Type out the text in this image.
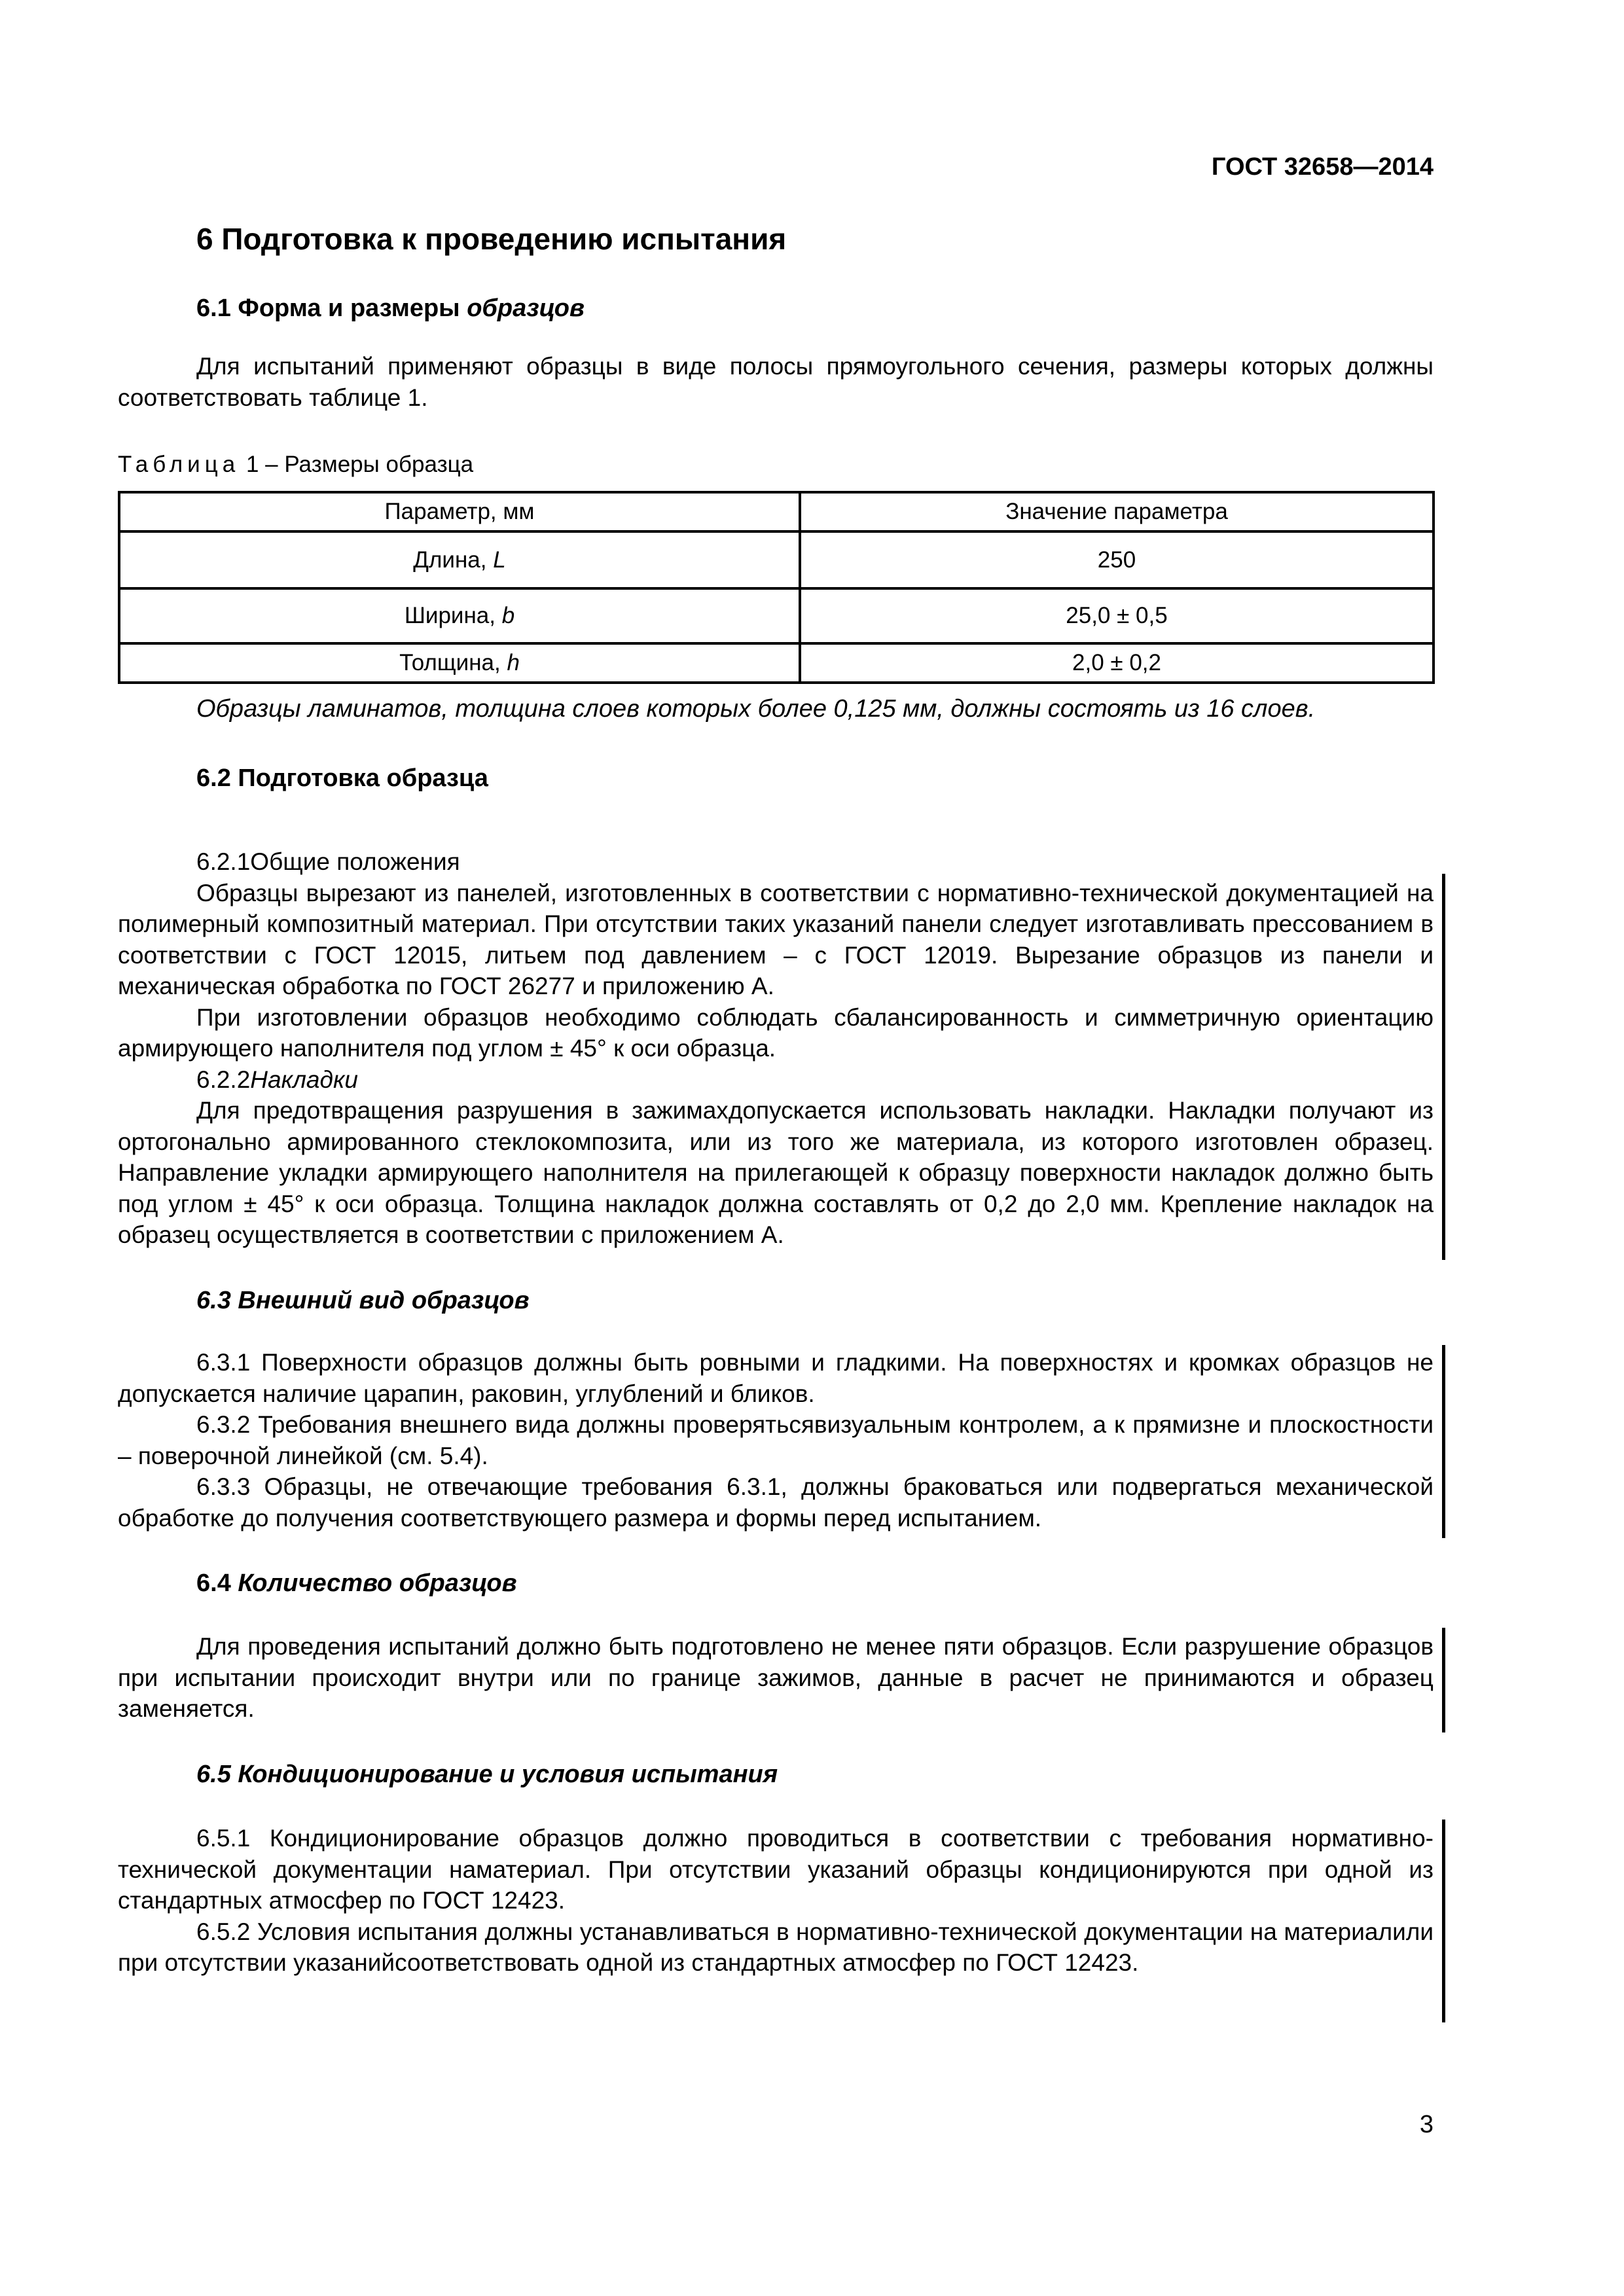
ГОСТ 32658—2014
6 Подготовка к проведению испытания
6.1 Форма и размеры образцов

Для испытаний применяют образцы в виде полосы прямоугольного сечения, размеры которых должны соответствовать таблице 1.

Таблица 1 – Размеры образца
Параметр, мм	Значение параметра
Длина, L	250
Ширина, b	25,0 ± 0,5
Толщина, h	2,0 ± 0,2
Образцы ламинатов, толщина слоев которых более 0,125 мм, должны состоять из 16 слоев.
6.2 Подготовка образца

6.2.1Общие положения

Образцы вырезают из панелей, изготовленных в соответствии с нормативно-технической документацией на полимерный композитный материал. При отсутствии таких указаний панели следует изготавливать прессованием в соответствии с ГОСТ 12015, литьем под давлением – с ГОСТ 12019. Вырезание образцов из панели и механическая обработка по ГОСТ 26277 и приложению А.

При изготовлении образцов необходимо соблюдать сбалансированность и симметричную ориентацию армирующего наполнителя под углом ± 45° к оси образца.

6.2.2Накладки

Для предотвращения разрушения в зажимахдопускается использовать накладки. Накладки получают из ортогонально армированного стеклокомпозита, или из того же материала, из которого изготовлен образец. Направление укладки армирующего наполнителя на прилегающей к образцу поверхности накладок должно быть под углом ± 45° к оси образца. Толщина накладок должна составлять от 0,2 до 2,0 мм. Крепление накладок на образец осуществляется в соответствии с приложением А.

6.3 Внешний вид образцов

6.3.1 Поверхности образцов должны быть ровными и гладкими. На поверхностях и кромках образцов не допускается наличие царапин, раковин, углублений и бликов.

6.3.2 Требования внешнего вида должны проверятьсявизуальным контролем, а к прямизне и плоскостности – поверочной линейкой (см. 5.4).

6.3.3 Образцы, не отвечающие требования 6.3.1, должны браковаться или подвергаться механической обработке до получения соответствующего размера и формы перед испытанием.

6.4 Количество образцов

Для проведения испытаний должно быть подготовлено не менее пяти образцов. Если разрушение образцов при испытании происходит внутри или по границе зажимов, данные в расчет не принимаются и образец заменяется.

6.5 Кондиционирование и условия испытания

6.5.1 Кондиционирование образцов должно проводиться в соответствии с требования нормативно-технической документации наматериал. При отсутствии указаний образцы кондиционируются при одной из стандартных атмосфер по ГОСТ 12423.

6.5.2 Условия испытания должны устанавливаться в нормативно-технической документации на материалили при отсутствии указанийсоответствовать одной из стандартных атмосфер по ГОСТ 12423.

3
